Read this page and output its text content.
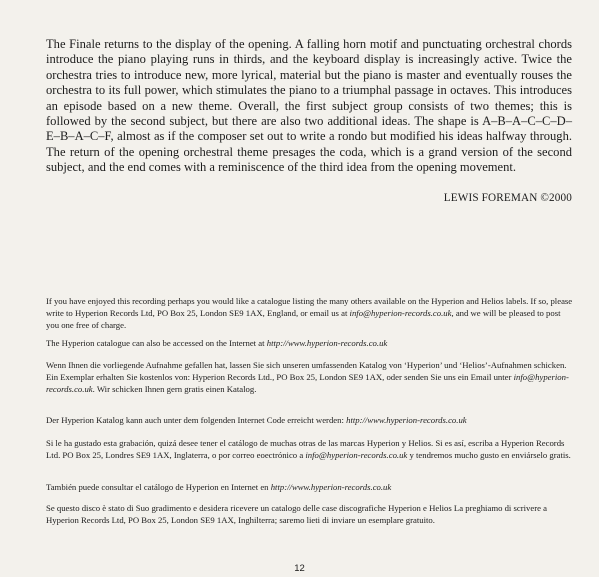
The Finale returns to the display of the opening. A falling horn motif and punctuating orchestral chords introduce the piano playing runs in thirds, and the keyboard display is increasingly active. Twice the orchestra tries to introduce new, more lyrical, material but the piano is master and eventually rouses the orchestra to its full power, which stimulates the piano to a triumphal passage in octaves. This introduces an episode based on a new theme. Overall, the first subject group consists of two themes; this is followed by the second subject, but there are also two additional ideas. The shape is A–B–A–C–C–D–E–B–A–C–F, almost as if the composer set out to write a rondo but modified his ideas halfway through. The return of the opening orchestral theme presages the coda, which is a grand version of the second subject, and the end comes with a reminiscence of the third idea from the opening movement.

LEWIS FOREMAN ©2000

If you have enjoyed this recording perhaps you would like a catalogue listing the many others available on the Hyperion and Helios labels. If so, please write to Hyperion Records Ltd, PO Box 25, London SE9 1AX, England, or email us at info@hyperion-records.co.uk, and we will be pleased to post you one free of charge.

The Hyperion catalogue can also be accessed on the Internet at http://www.hyperion-records.co.uk

Wenn Ihnen die vorliegende Aufnahme gefallen hat, lassen Sie sich unseren umfassenden Katalog von ‘Hyperion’ und ‘Helios’-Aufnahmen schicken. Ein Exemplar erhalten Sie kostenlos von: Hyperion Records Ltd., PO Box 25, London SE9 1AX, oder senden Sie uns ein Email unter info@hyperion-records.co.uk. Wir schicken Ihnen gern gratis einen Katalog.

Der Hyperion Katalog kann auch unter dem folgenden Internet Code erreicht werden: http://www.hyperion-records.co.uk

Si le ha gustado esta grabación, quizá desee tener el catálogo de muchas otras de las marcas Hyperion y Helios. Si es así, escriba a Hyperion Records Ltd. PO Box 25, Londres SE9 1AX, Inglaterra, o por correo eoectrónico a info@hyperion-records.co.uk y tendremos mucho gusto en enviárselo gratis.

También puede consultar el catálogo de Hyperion en Internet en http://www.hyperion-records.co.uk

Se questo disco è stato di Suo gradimento e desidera ricevere un catalogo delle case discografiche Hyperion e Helios La preghiamo di scrivere a Hyperion Records Ltd, PO Box 25, London SE9 1AX, Inghilterra; saremo lieti di inviare un esemplare gratuito.

12
